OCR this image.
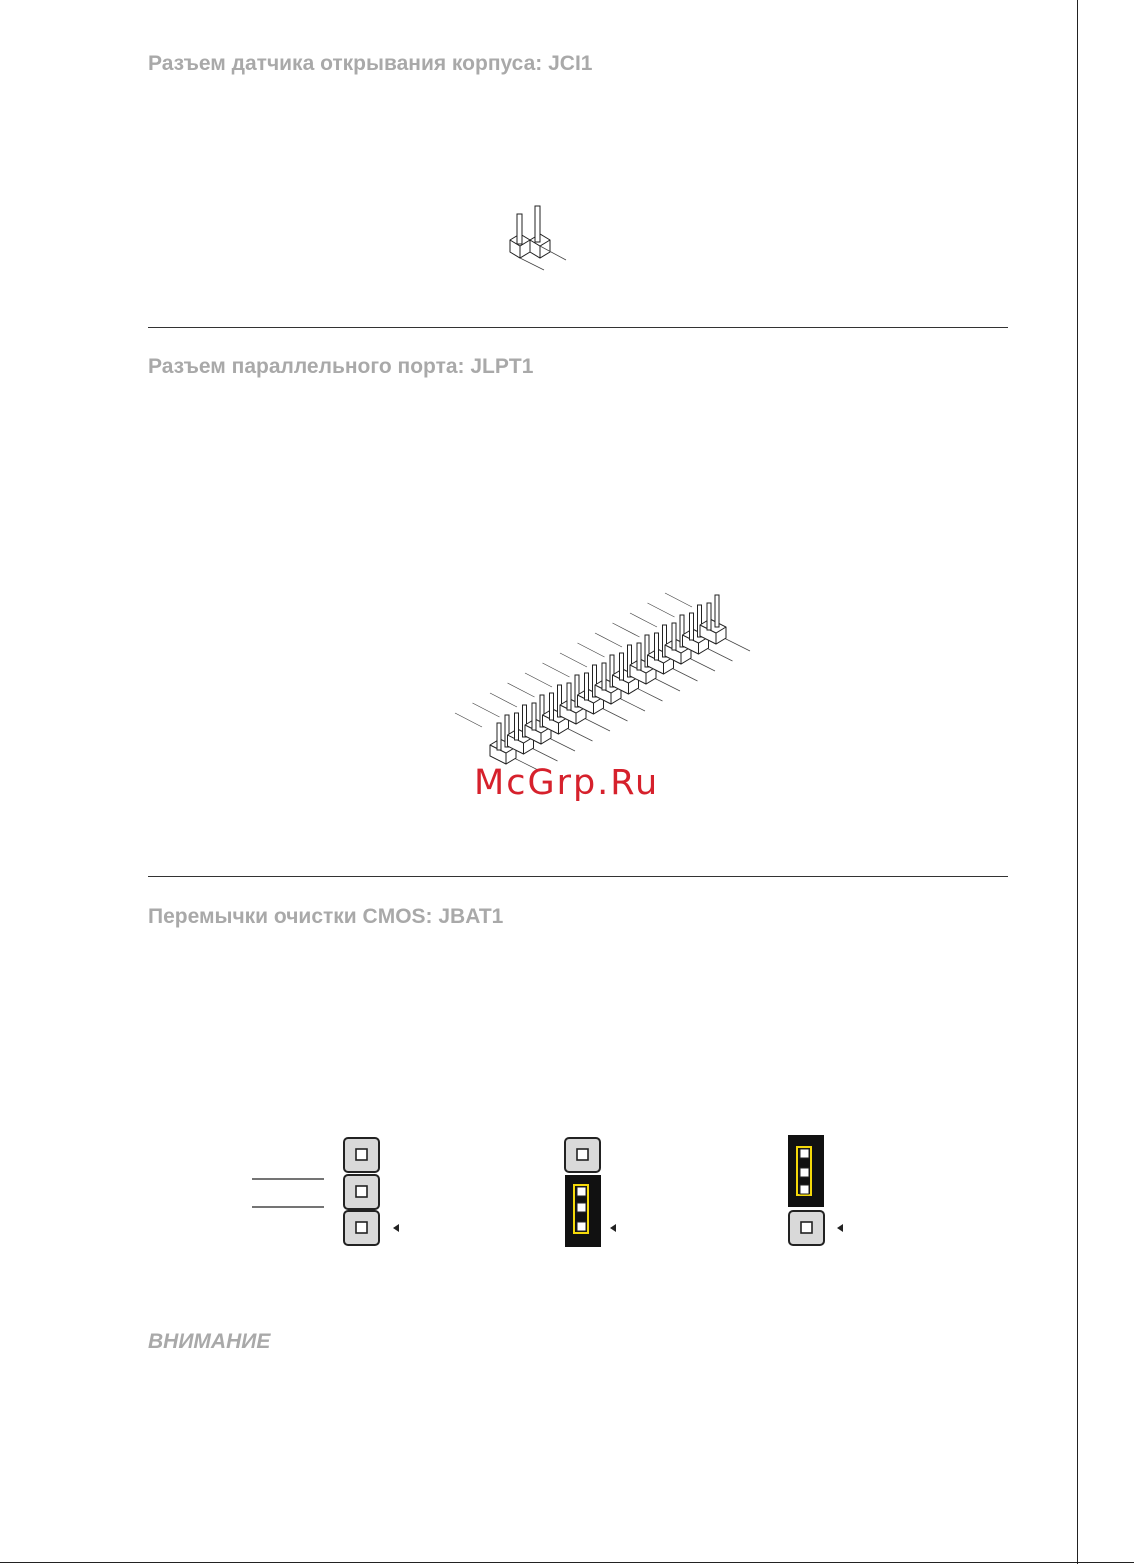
Разъем датчика открывания корпуса: JCI1
Разъем параллельного порта: JLPT1
McGrp.Ru
Перемычки очистки CMOS: JBAT1
ВНИМАНИЕ
